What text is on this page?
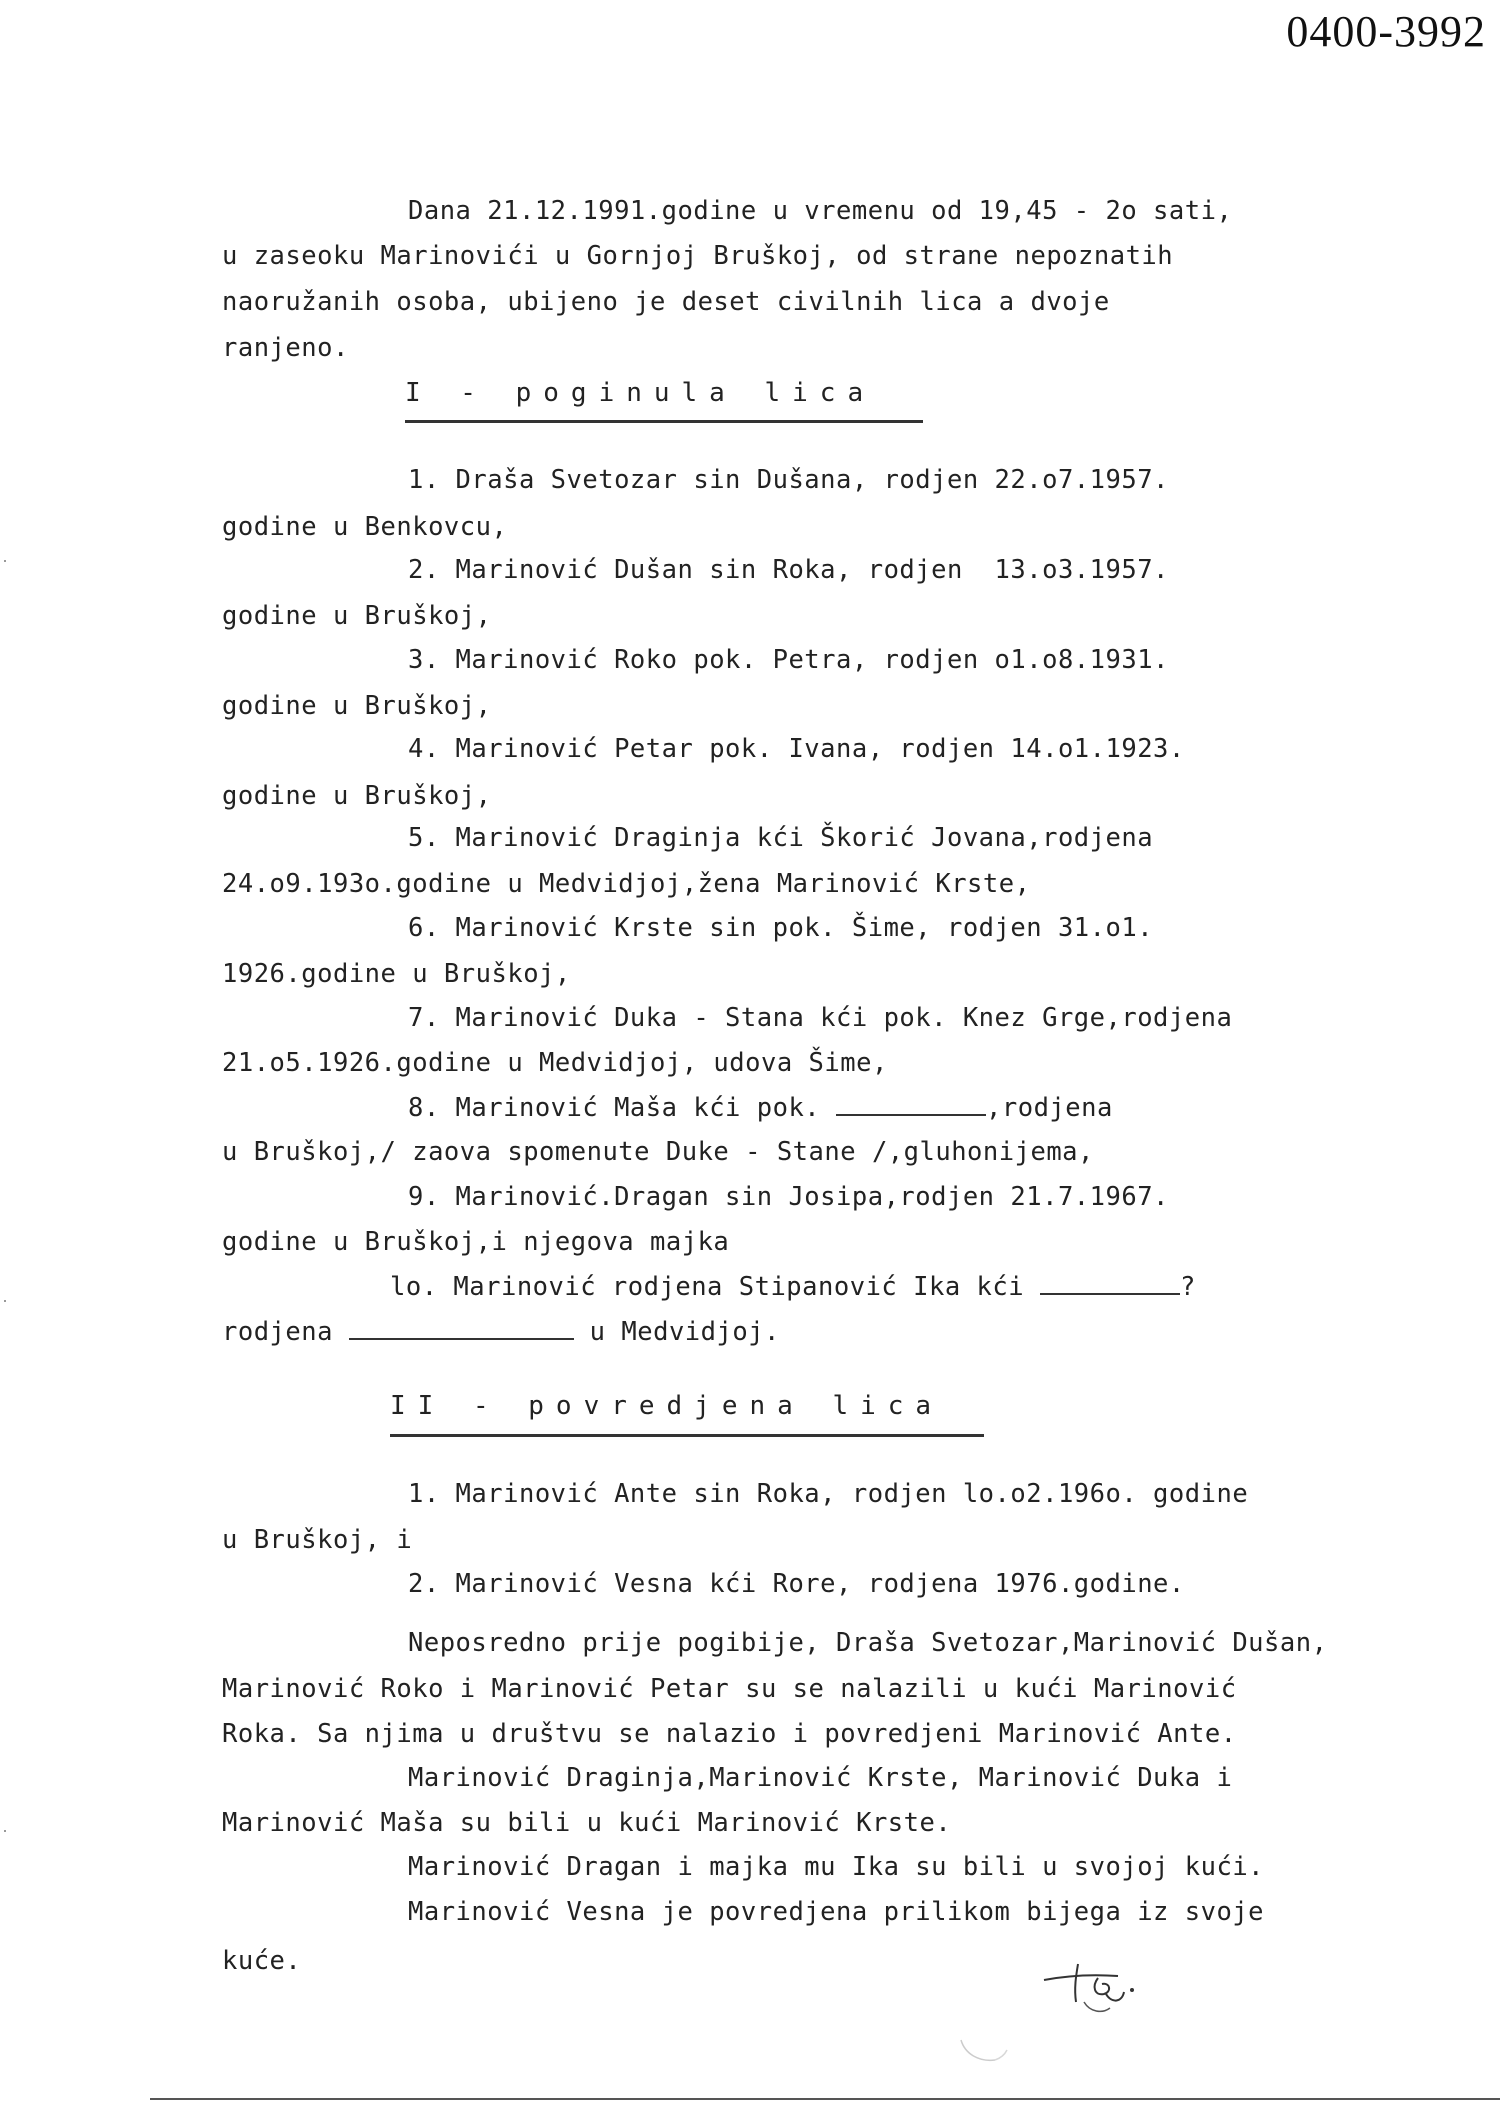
0400-3992
Dana 21.12.1991.godine u vremenu od 19,45 - 2o sati,
u zaseoku Marinovići u Gornjoj Bruškoj, od strane nepoznatih
naoružanih osoba, ubijeno je deset civilnih lica a dvoje
ranjeno.
I - poginula lica
1. Draša Svetozar sin Dušana, rodjen 22.o7.1957.
godine u Benkovcu,
2. Marinović Dušan sin Roka, rodjen  13.o3.1957.
godine u Bruškoj,
3. Marinović Roko pok. Petra, rodjen o1.o8.1931.
godine u Bruškoj,
4. Marinović Petar pok. Ivana, rodjen 14.o1.1923.
godine u Bruškoj,
5. Marinović Draginja kći Škorić Jovana,rodjena
24.o9.193o.godine u Medvidjoj,žena Marinović Krste,
6. Marinović Krste sin pok. Šime, rodjen 31.o1.
1926.godine u Bruškoj,
7. Marinović Duka - Stana kći pok. Knez Grge,rodjena
21.o5.1926.godine u Medvidjoj, udova Šime,
8. Marinović Maša kći pok.	,rodjena
u Bruškoj,/ zaova spomenute Duke - Stane /,gluhonijema,
9. Marinović.Dragan sin Josipa,rodjen 21.7.1967.
godine u Bruškoj,i njegova majka
lo. Marinović rodjena Stipanović Ika kći	?
rodjena	u Medvidjoj.
II - povredjena lica
1. Marinović Ante sin Roka, rodjen lo.o2.196o. godine
u Bruškoj, i
2. Marinović Vesna kći Rore, rodjena 1976.godine.
Neposredno prije pogibije, Draša Svetozar,Marinović Dušan,
Marinović Roko i Marinović Petar su se nalazili u kući Marinović
Roka. Sa njima u društvu se nalazio i povredjeni Marinović Ante.
Marinović Draginja,Marinović Krste, Marinović Duka i
Marinović Maša su bili u kući Marinović Krste.
Marinović Dragan i majka mu Ika su bili u svojoj kući.
Marinović Vesna je povredjena prilikom bijega iz svoje
kuće.
